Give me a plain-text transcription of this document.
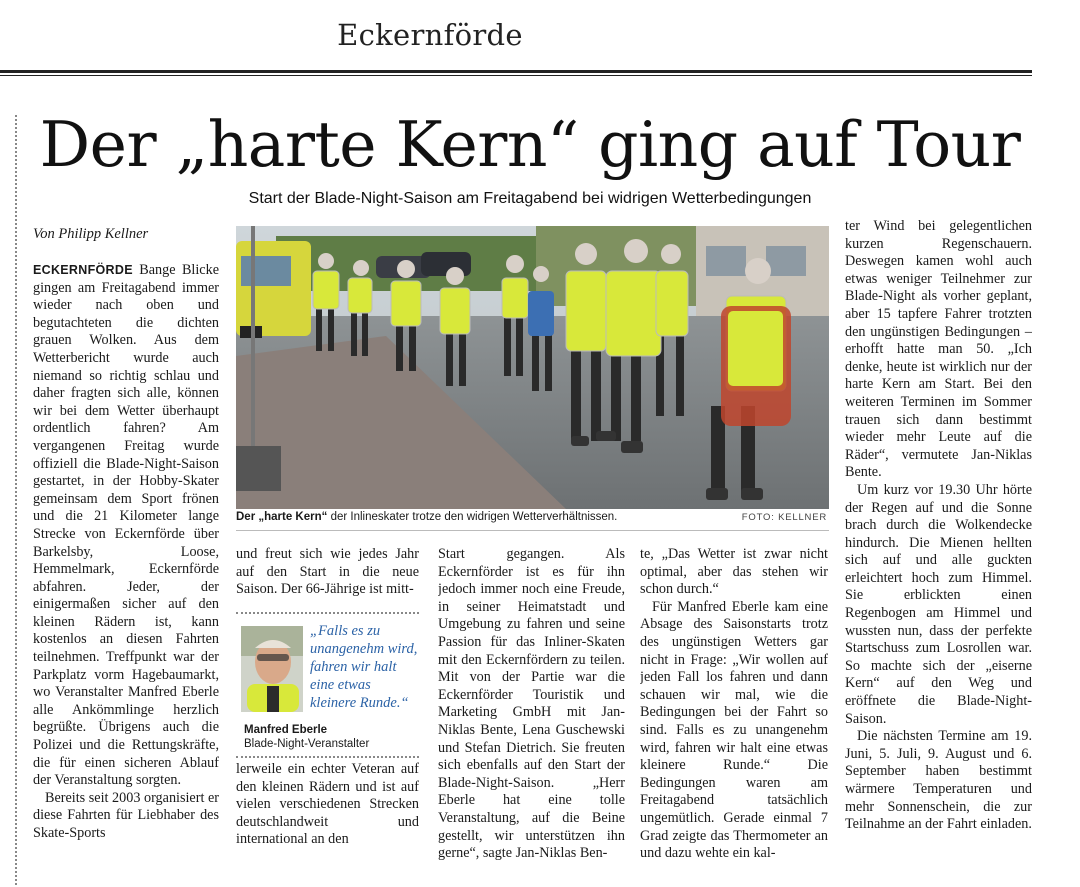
Eckernförde
Der „harte Kern“ ging auf Tour
Start der Blade-Night-Saison am Freitagabend bei widrigen Wetterbedingungen
Von Philipp Kellner

ECKERNFÖRDE Bange Blicke gingen am Freitagabend immer wieder nach oben und begutachteten die dichten grauen Wolken. Aus dem Wetterbericht wurde auch niemand so richtig schlau und daher fragten sich alle, können wir bei dem Wetter überhaupt ordentlich fahren? Am vergangenen Freitag wurde offiziell die Blade-Night-Saison gestartet, in der Hobby-Skater gemeinsam dem Sport frönen und die 21 Kilometer lange Strecke von Eckernförde über Barkelsby, Loose, Hemmelmark, Eckernförde abfahren. Jeder, der einigermaßen sicher auf den kleinen Rädern ist, kann kostenlos an diesen Fahrten teilnehmen. Treffpunkt war der Parkplatz vorm Hagebaumarkt, wo Veranstalter Manfred Eberle alle Ankömmlinge herzlich begrüßte. Übrigens auch die Polizei und die Rettungskräfte, die für einen sicheren Ablauf der Veranstaltung sorgten.

Bereits seit 2003 organisiert er diese Fahrten für Liebhaber des Skate-Sports

Der „harte Kern“ der Inlineskater trotze den widrigen Wetterverhältnissen.	FOTO: KELLNER

und freut sich wie jedes Jahr auf den Start in die neue Saison. Der 66-Jährige ist mitt-

„Falls es zu unangenehm wird, fahren wir halt eine etwas kleinere Runde.“
Manfred Eberle
Blade-Night-Veranstalter

lerweile ein echter Veteran auf den kleinen Rädern und ist auf vielen verschiedenen Strecken deutschlandweit und international an den

Start gegangen. Als Eckernförder ist es für ihn jedoch immer noch eine Freude, in seiner Heimatstadt und Umgebung zu fahren und seine Passion für das Inliner-Skaten mit den Eckernfördern zu teilen. Mit von der Partie war die Eckernförder Touristik und Marketing GmbH mit Jan-Niklas Bente, Lena Guschewski und Stefan Dietrich. Sie freuten sich ebenfalls auf den Start der Blade-Night-Saison. „Herr Eberle hat eine tolle Veranstaltung, auf die Beine gestellt, wir unterstützen ihn gerne“, sagte Jan-Niklas Ben-

te, „Das Wetter ist zwar nicht optimal, aber das stehen wir schon durch.“

Für Manfred Eberle kam eine Absage des Saisonstarts trotz des ungünstigen Wetters gar nicht in Frage: „Wir wollen auf jeden Fall los fahren und dann schauen wir mal, wie die Bedingungen bei der Fahrt so sind. Falls es zu unangenehm wird, fahren wir halt eine etwas kleinere Runde.“ Die Bedingungen waren am Freitagabend tatsächlich ungemütlich. Gerade einmal 7 Grad zeigte das Thermometer an und dazu wehte ein kal-

ter Wind bei gelegentlichen kurzen Regenschauern. Deswegen kamen wohl auch etwas weniger Teilnehmer zur Blade-Night als vorher geplant, aber 15 tapfere Fahrer trotzten den ungünstigen Bedingungen – erhofft hatte man 50. „Ich denke, heute ist wirklich nur der harte Kern am Start. Bei den weiteren Terminen im Sommer trauen sich dann bestimmt wieder mehr Leute auf die Räder“, vermutete Jan-Niklas Bente.

Um kurz vor 19.30 Uhr hörte der Regen auf und die Sonne brach durch die Wolkendecke hindurch. Die Mienen hellten sich auf und alle guckten erleichtert hoch zum Himmel. Sie erblickten einen Regenbogen am Himmel und wussten nun, dass der perfekte Startschuss zum Losrollen war. So machte sich der „eiserne Kern“ auf den Weg und eröffnete die Blade-Night-Saison.

Die nächsten Termine am 19. Juni, 5. Juli, 9. August und 6. September haben bestimmt wärmere Temperaturen und mehr Sonnenschein, die zur Teilnahme an der Fahrt einladen.
